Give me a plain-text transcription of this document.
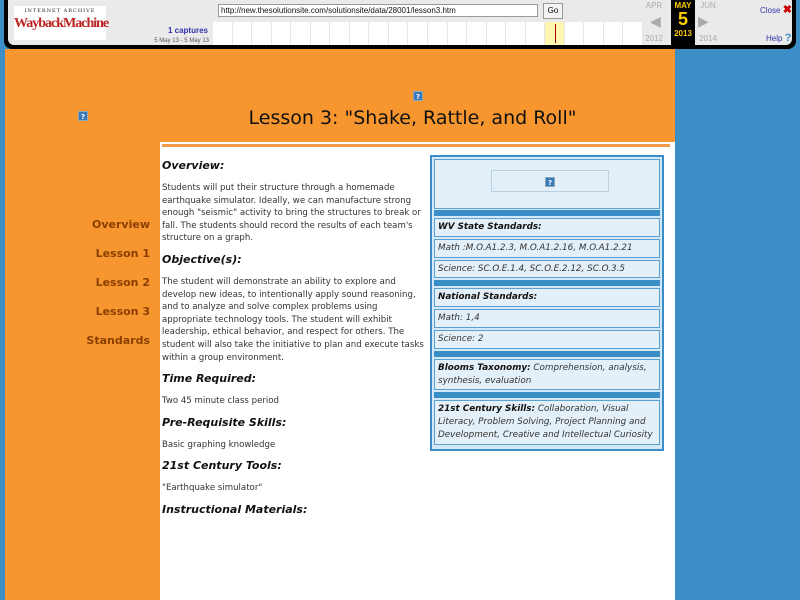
INTERNET ARCHIVE
WaybackMachine
http://new.thesolutionsite.com/solutionsite/data/28001/lesson3.htm	Go
1 captures
5 May 13 - 5 May 13
APR
2012
◀
MAY
5
2013
▶
JUN
2014
Close ✖
Help ?
?
Overview
Lesson 1
Lesson 2
Lesson 3
Standards
?
Lesson 3: "Shake, Rattle, and Roll"
Overview:

Students will put their structure through a homemade earthquake simulator. Ideally, we can manufacture strong enough "seismic" activity to bring the structures to break or fall. The students should record the results of each team's structure on a graph.

Objective(s):

The student will demonstrate an ability to explore and develop new ideas, to intentionally apply sound reasoning, and to analyze and solve complex problems using appropriate technology tools. The student will exhibit leadership, ethical behavior, and respect for others. The student will also take the initiative to plan and execute tasks within a group environment.

Time Required:

Two 45 minute class period

Pre-Requisite Skills:

Basic graphing knowledge

21st Century Tools:

"Earthquake simulator"

Instructional Materials:
?
WV State Standards:
Math :M.O.A1.2.3, M.O.A1.2.16, M.O.A1.2.21
Science: SC.O.E.1.4, SC.O.E.2.12, SC.O.3.5
National Standards:
Math: 1,4
Science: 2
Blooms Taxonomy: Comprehension, analysis, synthesis, evaluation
21st Century Skills: Collaboration, Visual Literacy, Problem Solving, Project Planning and Development, Creative and Intellectual Curiosity
